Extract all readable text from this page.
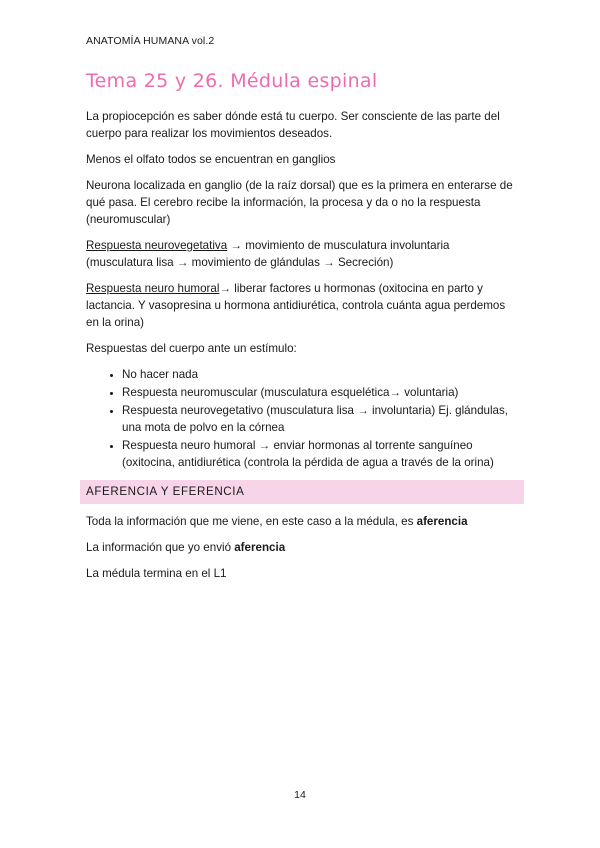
ANATOMÍA HUMANA vol.2
Tema 25 y 26. Médula espinal

La propiocepción es saber dónde está tu cuerpo. Ser consciente de las parte del cuerpo para realizar los movimientos deseados.

Menos el olfato todos se encuentran en ganglios

Neurona localizada en ganglio (de la raíz dorsal) que es la primera en enterarse de qué pasa. El cerebro recibe la información, la procesa y da o no la respuesta (neuromuscular)

Respuesta neurovegetativa → movimiento de musculatura involuntaria (musculatura lisa → movimiento de glándulas → Secreción)

Respuesta neuro humoral→ liberar factores u hormonas (oxitocina en parto y lactancia. Y vasopresina u hormona antidiurética, controla cuánta agua perdemos en la orina)

Respuestas del cuerpo ante un estímulo:

• No hacer nada
• Respuesta neuromuscular (musculatura esquelética→ voluntaria)
• Respuesta neurovegetativo (musculatura lisa → involuntaria) Ej. glándulas, una mota de polvo en la córnea
• Respuesta neuro humoral → enviar hormonas al torrente sanguíneo (oxitocina, antidiurética (controla la pérdida de agua a través de la orina)
AFERENCIA Y EFERENCIA

Toda la información que me viene, en este caso a la médula, es aferencia

La información que yo envió aferencia

La médula termina en el L1

14
